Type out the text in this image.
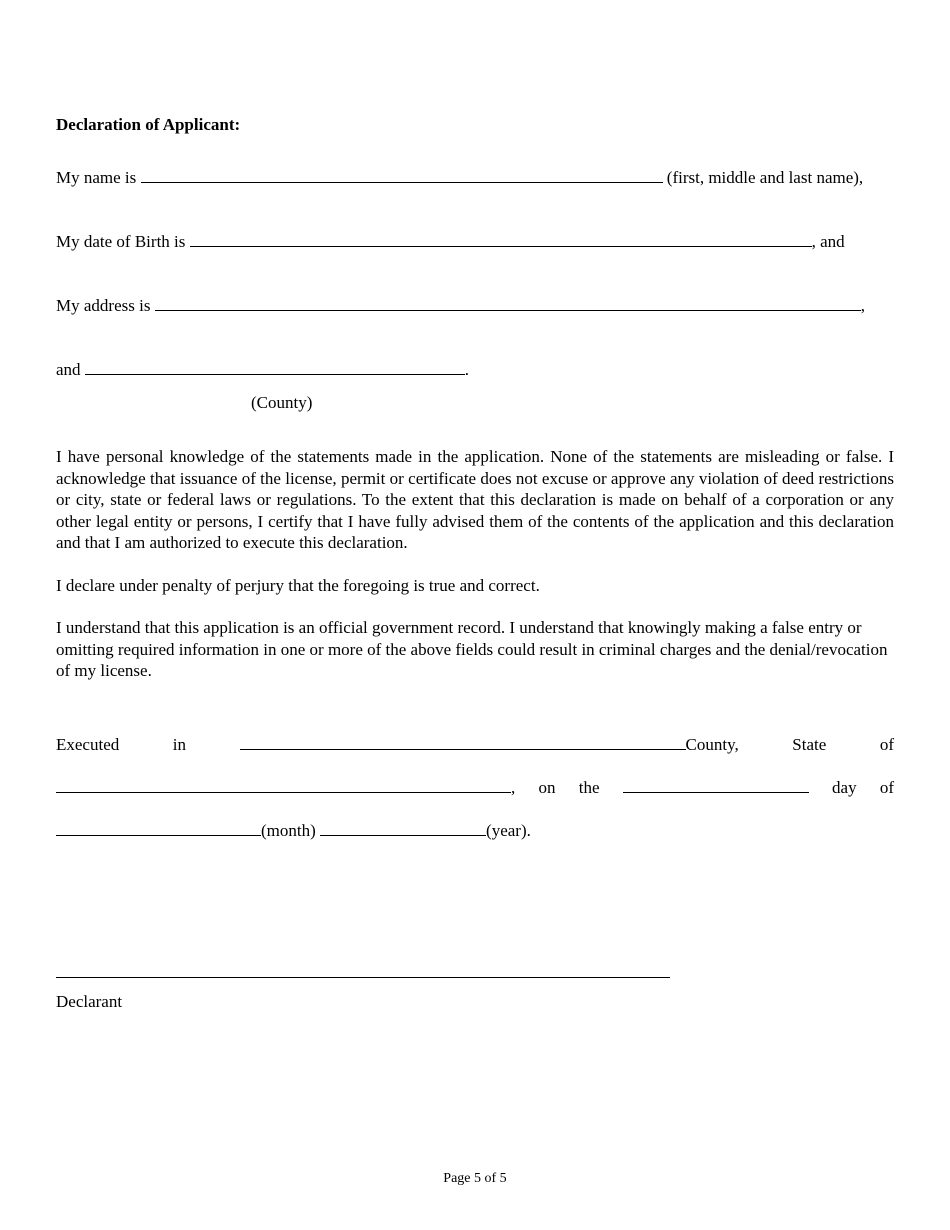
Declaration of Applicant:
My name is	(first, middle and last name),
My date of Birth is	, and
My address is	,
and	.
(County)
I have personal knowledge of the statements made in the application. None of the statements are misleading or false. I acknowledge that issuance of the license, permit or certificate does not excuse or approve any violation of deed restrictions or city, state or federal laws or regulations. To the extent that this declaration is made on behalf of a corporation or any other legal entity or persons, I certify that I have fully advised them of the contents of the application and this declaration and that I am authorized to execute this declaration.
I declare under penalty of perjury that the foregoing is true and correct.
I understand that this application is an official government record. I understand that knowingly making a false entry or omitting required information in one or more of the above fields could result in criminal charges and the denial/revocation of my license.
Executed	in	County,	State	of
, on the	day of
(month)	(year).
Declarant
Page 5 of 5
